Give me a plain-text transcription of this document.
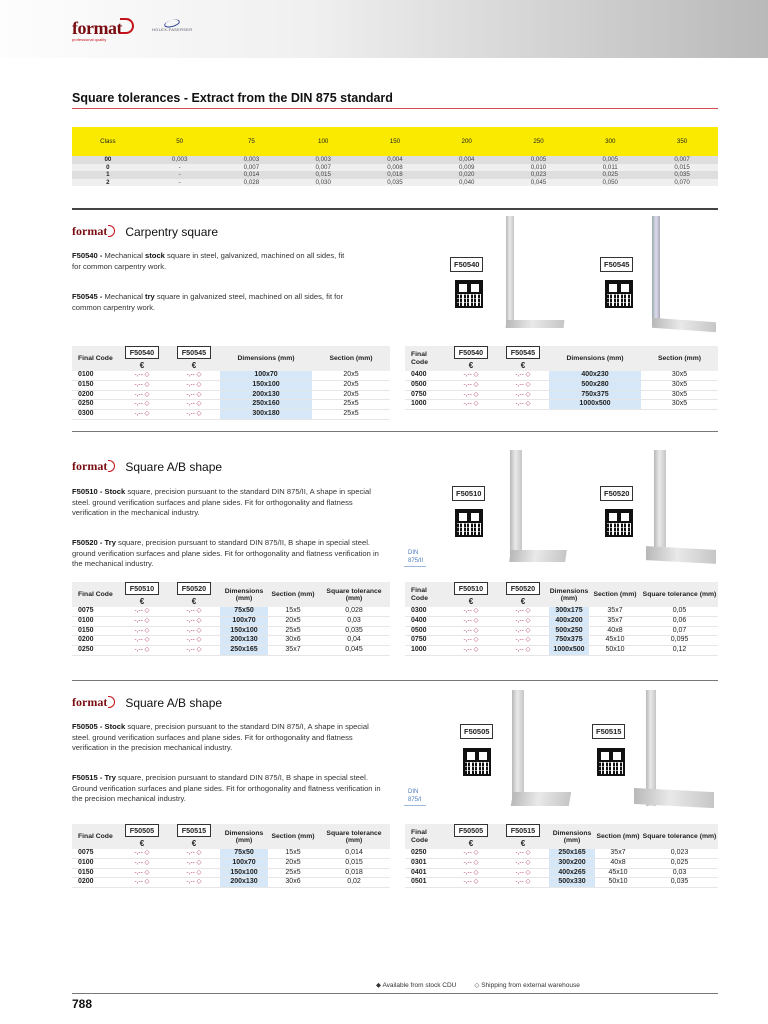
format
professional quality
HOLEX-FASERSER
Square tolerances - Extract from the DIN 875 standard
Class	50	75	100	150	200	250	300	350
00	0,003	0,003	0,003	0,004	0,004	0,005	0,005	0,007
0	-	0,007	0,007	0,008	0,009	0,010	0,011	0,015
1	-	0,014	0,015	0,018	0,020	0,023	0,025	0,035
2	-	0,028	0,030	0,035	0,040	0,045	0,050	0,070
format	Carpentry square
F50540 - Mechanical stock square in steel, galvanized, machined on all sides, fit for common carpentry work.
F50545 - Mechanical try square in galvanized steel, machined on all sides, fit for common carpentry work.
F50540	F50545
Final Code	F50540	F50545	Dimensions (mm)	Section (mm)
	€	€		
0100	-,-- ◇	-,-- ◇	100x70	20x5
0150	-,-- ◇	-,-- ◇	150x100	20x5
0200	-,-- ◇	-,-- ◇	200x130	20x5
0250	-,-- ◇	-,-- ◇	250x160	25x5
0300	-,-- ◇	-,-- ◇	300x180	25x5
Final Code	F50540	F50545	Dimensions (mm)	Section (mm)
	€	€		
0400	-,-- ◇	-,-- ◇	400x230	30x5
0500	-,-- ◇	-,-- ◇	500x280	30x5
0750	-,-- ◇	-,-- ◇	750x375	30x5
1000	-,-- ◇	-,-- ◇	1000x500	30x5
format	Square A/B shape
F50510 - Stock square, precision pursuant to the standard DIN 875/II, A shape in special steel. ground verification surfaces and plane sides. Fit for orthogonality and flatness verification in the mechanical industry.
F50520 - Try square, precision pursuant to standard DIN 875/II, B shape in special steel. ground verification surfaces and plane sides. Fit for orthogonality and flatness verification in the mechanical industry.
F50510	F50520
DIN 875/II
Final Code	F50510	F50520	Dimensions (mm)	Section (mm)	Square tolerance (mm)
	€	€			
0075	-,-- ◇	-,-- ◇	75x50	15x5	0,028
0100	-,-- ◇	-,-- ◇	100x70	20x5	0,03
0150	-,-- ◇	-,-- ◇	150x100	25x5	0,035
0200	-,-- ◇	-,-- ◇	200x130	30x6	0,04
0250	-,-- ◇	-,-- ◇	250x165	35x7	0,045
Final Code	F50510	F50520	Dimensions (mm)	Section (mm)	Square tolerance (mm)
	€	€			
0300	-,-- ◇	-,-- ◇	300x175	35x7	0,05
0400	-,-- ◇	-,-- ◇	400x200	35x7	0,06
0500	-,-- ◇	-,-- ◇	500x250	40x8	0,07
0750	-,-- ◇	-,-- ◇	750x375	45x10	0,095
1000	-,-- ◇	-,-- ◇	1000x500	50x10	0,12
format	Square A/B shape
F50505 - Stock square, precision pursuant to the standard DIN 875/I, A shape in special steel. ground verification surfaces and plane sides. Fit for orthogonality and flatness verification in the precision mechanical industry.
F50515 - Try square, precision pursuant to standard DIN 875/I, B shape in special steel. Ground verification surfaces and plane sides. Fit for orthogonality and flatness verification in the precision mechanical industry.
F50505	F50515
DIN 875/I
Final Code	F50505	F50515	Dimensions (mm)	Section (mm)	Square tolerance (mm)
	€	€			
0075	-,-- ◇	-,-- ◇	75x50	15x5	0,014
0100	-,-- ◇	-,-- ◇	100x70	20x5	0,015
0150	-,-- ◇	-,-- ◇	150x100	25x5	0,018
0200	-,-- ◇	-,-- ◇	200x130	30x6	0,02
Final Code	F50505	F50515	Dimensions (mm)	Section (mm)	Square tolerance (mm)
	€	€			
0250	-,-- ◇	-,-- ◇	250x165	35x7	0,023
0301	-,-- ◇	-,-- ◇	300x200	40x8	0,025
0401	-,-- ◇	-,-- ◇	400x265	45x10	0,03
0501	-,-- ◇	-,-- ◇	500x330	50x10	0,035
◆ Available from stock CDU	◇ Shipping from external warehouse
788
